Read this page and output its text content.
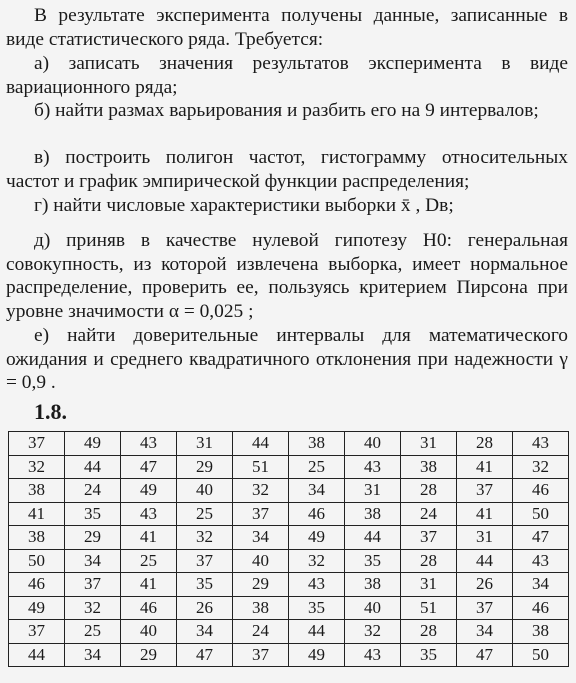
В результате эксперимента получены данные, записанные в виде статистического ряда. Требуется:

а) записать значения результатов эксперимента в виде вариационного ряда;

б) найти размах варьирования и разбить его на 9 интервалов;

в) построить полигон частот, гистограмму относительных частот и график эмпирической функции распределения;

г) найти числовые характеристики выборки x̄ , Dв;

д) приняв в качестве нулевой гипотезу H0: генеральная совокупность, из которой извлечена выборка, имеет нормальное распределение, проверить ее, пользуясь критерием Пирсона при уровне значимости α = 0,025 ;

е) найти доверительные интервалы для математического ожидания и среднего квадратичного отклонения при надежности γ = 0,9 .

1.8.

37	49	43	31	44	38	40	31	28	43
32	44	47	29	51	25	43	38	41	32
38	24	49	40	32	34	31	28	37	46
41	35	43	25	37	46	38	24	41	50
38	29	41	32	34	49	44	37	31	47
50	34	25	37	40	32	35	28	44	43
46	37	41	35	29	43	38	31	26	34
49	32	46	26	38	35	40	51	37	46
37	25	40	34	24	44	32	28	34	38
44	34	29	47	37	49	43	35	47	50
